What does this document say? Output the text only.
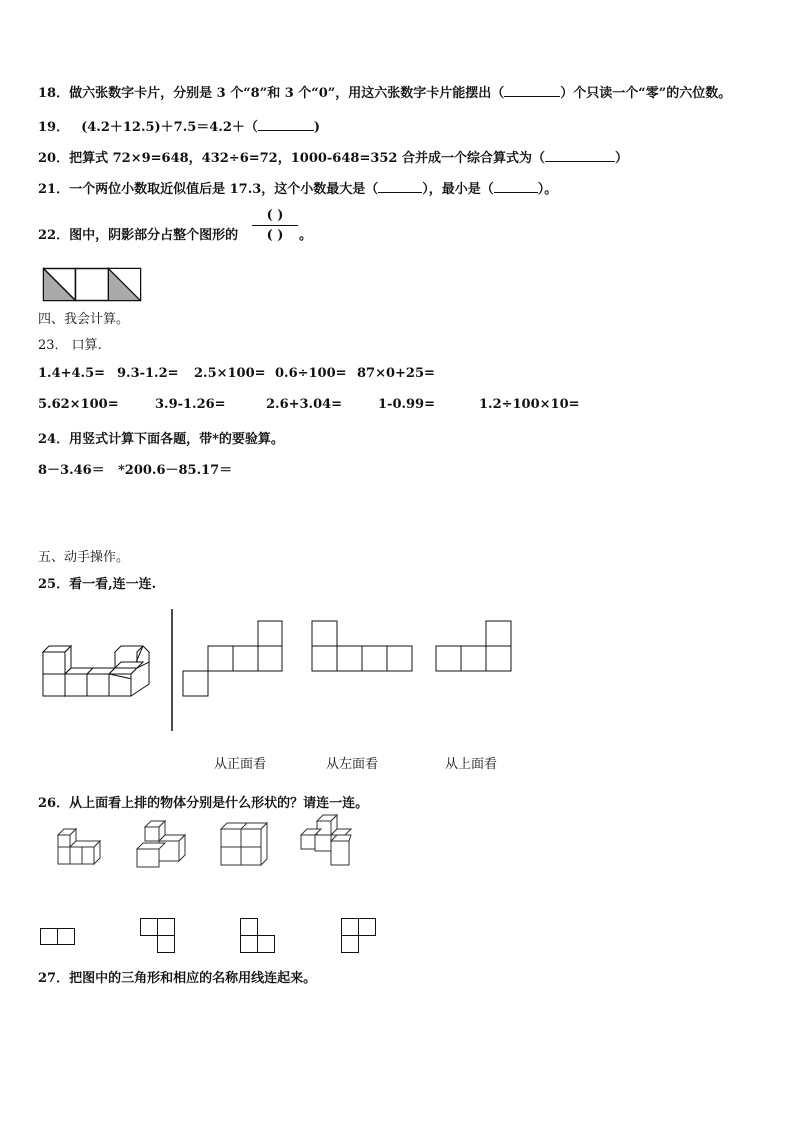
18．做六张数字卡片，分别是 3 个“8”和 3 个“0”，用这六张数字卡片能摆出（	）个只读一个“零”的六位数。
19． (4.2＋12.5)＋7.5＝4.2＋（	)
20．把算式 72×9=648，432÷6=72，1000-648=352 合并成一个综合算式为（	）
21．一个两位小数取近似值后是 17.3，这个小数最大是（	），最小是（	）。
22．图中，阴影部分占整个图形的
( )
( )	。
四、我会计算。
23． 口算.
1.4+4.5= 9.3-1.2= 2.5×100= 0.6÷100= 87×0+25=
5.62×100=	3.9-1.26=	2.6+3.04=	1-0.99=	1.2÷100×10=
24．用竖式计算下面各题，带*的要验算。
8－3.46＝ *200.6－85.17＝
五、动手操作。
25．看一看,连一连.
从正面看	从左面看	从上面看
26．从上面看上排的物体分别是什么形状的？请连一连。
27．把图中的三角形和相应的名称用线连起来。
